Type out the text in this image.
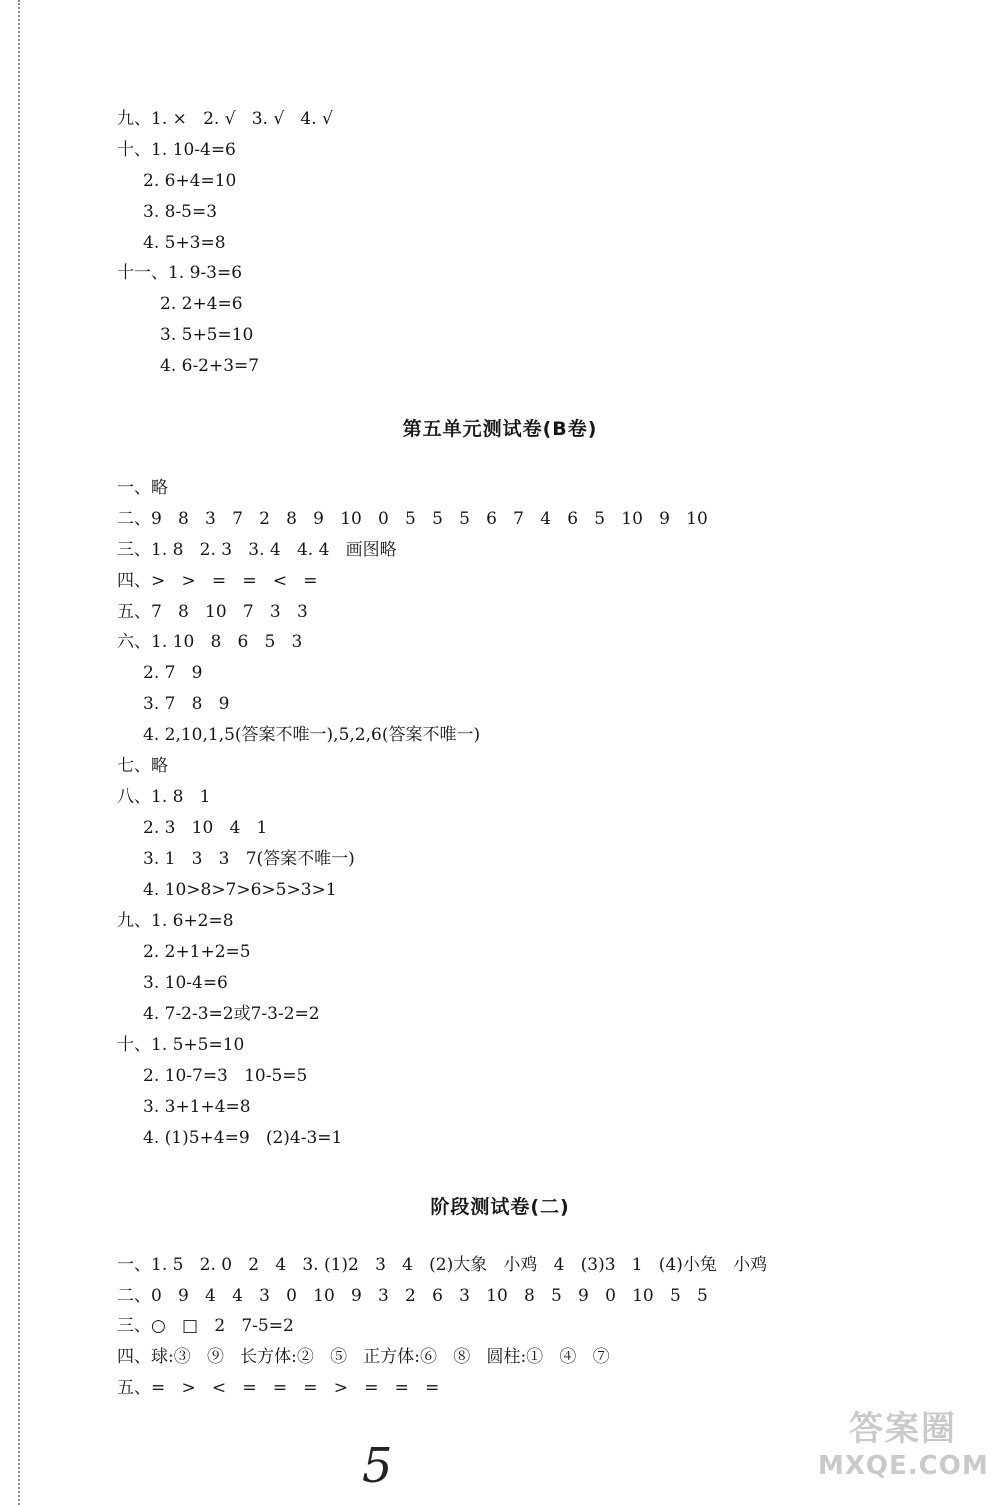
九、1. ×   2. √   3. √   4. √
十、1. 10-4=6
2. 6+4=10
3. 8-5=3
4. 5+3=8
十一、1. 9-3=6
2. 2+4=6
3. 5+5=10
4. 6-2+3=7
第五单元测试卷(B卷)
一、略
二、9   8   3   7   2   8   9   10   0   5   5   5   6   7   4   6   5   10   9   10
三、1. 8   2. 3   3. 4   4. 4   画图略
四、>   >   =   =   <   =
五、7   8   10   7   3   3
六、1. 10   8   6   5   3
2. 7   9
3. 7   8   9
4. 2,10,1,5(答案不唯一),5,2,6(答案不唯一)
七、略
八、1. 8   1
2. 3   10   4   1
3. 1   3   3   7(答案不唯一)
4. 10>8>7>6>5>3>1
九、1. 6+2=8
2. 2+1+2=5
3. 10-4=6
4. 7-2-3=2或7-3-2=2
十、1. 5+5=10
2. 10-7=3   10-5=5
3. 3+1+4=8
4. (1)5+4=9   (2)4-3=1
阶段测试卷(二)
一、1. 5   2. 0   2   4   3. (1)2   3   4   (2)大象   小鸡   4   (3)3   1   (4)小兔   小鸡
二、0   9   4   4   3   0   10   9   3   2   6   3   10   8   5   9   0   10   5   5
三、○   □   2   7-5=2
四、球:③   ⑨   长方体:②   ⑤   正方体:⑥   ⑧   圆柱:①   ④   ⑦
五、=   >   <   =   =   =   >   =   =   =
5
答案圈
MXQE.COM
